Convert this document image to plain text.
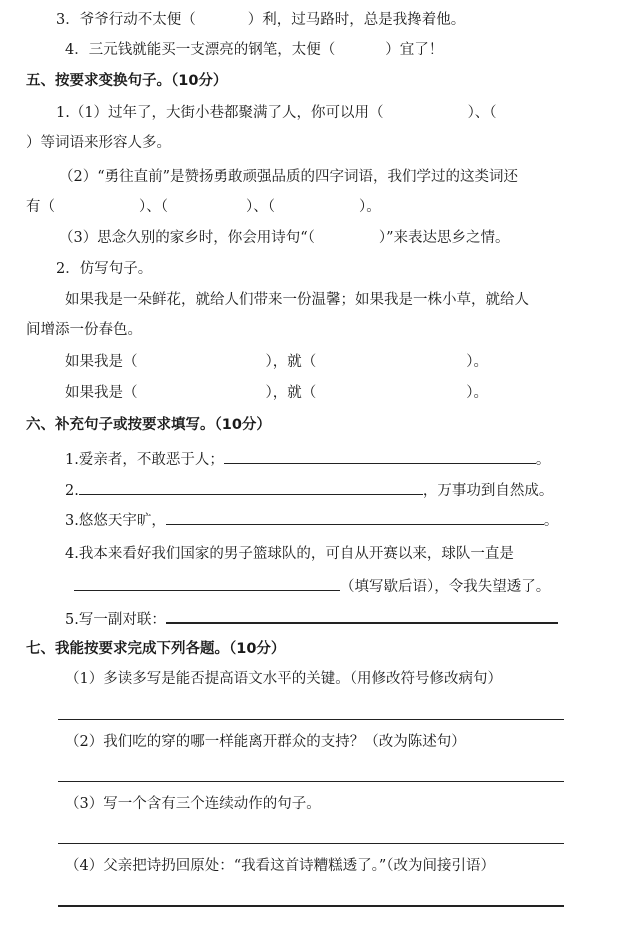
3．爷爷行动不太便（	）利，过马路时，总是我搀着他。
4．三元钱就能买一支漂亮的钢笔，太便（	）宜了！
五、按要求变换句子。（10分）
1.（1）过年了，大街小巷都聚满了人，你可以用（	）、（
）等词语来形容人多。
（2）“勇往直前”是赞扬勇敢顽强品质的四字词语，我们学过的这类词还
有（	）、（	）、（	）。
（3）思念久别的家乡时，你会用诗句“（	）”来表达思乡之情。
2．仿写句子。
如果我是一朵鲜花，就给人们带来一份温馨；如果我是一株小草，就给人
间增添一份春色。
如果我是（	），就（	）。
如果我是（	），就（	）。
六、补充句子或按要求填写。（10分）
1.爱亲者，不敢恶于人；	。
2.	，万事功到自然成。
3.悠悠天宇旷，	。
4.我本来看好我们国家的男子篮球队的，可自从开赛以来，球队一直是
（填写歇后语），令我失望透了。
5.写一副对联：
七、我能按要求完成下列各题。（10分）
（1）多读多写是能否提高语文水平的关键。（用修改符号修改病句）
（2）我们吃的穿的哪一样能离开群众的支持？（改为陈述句）
（3）写一个含有三个连续动作的句子。
（4）父亲把诗扔回原处：“我看这首诗糟糕透了。”（改为间接引语）
